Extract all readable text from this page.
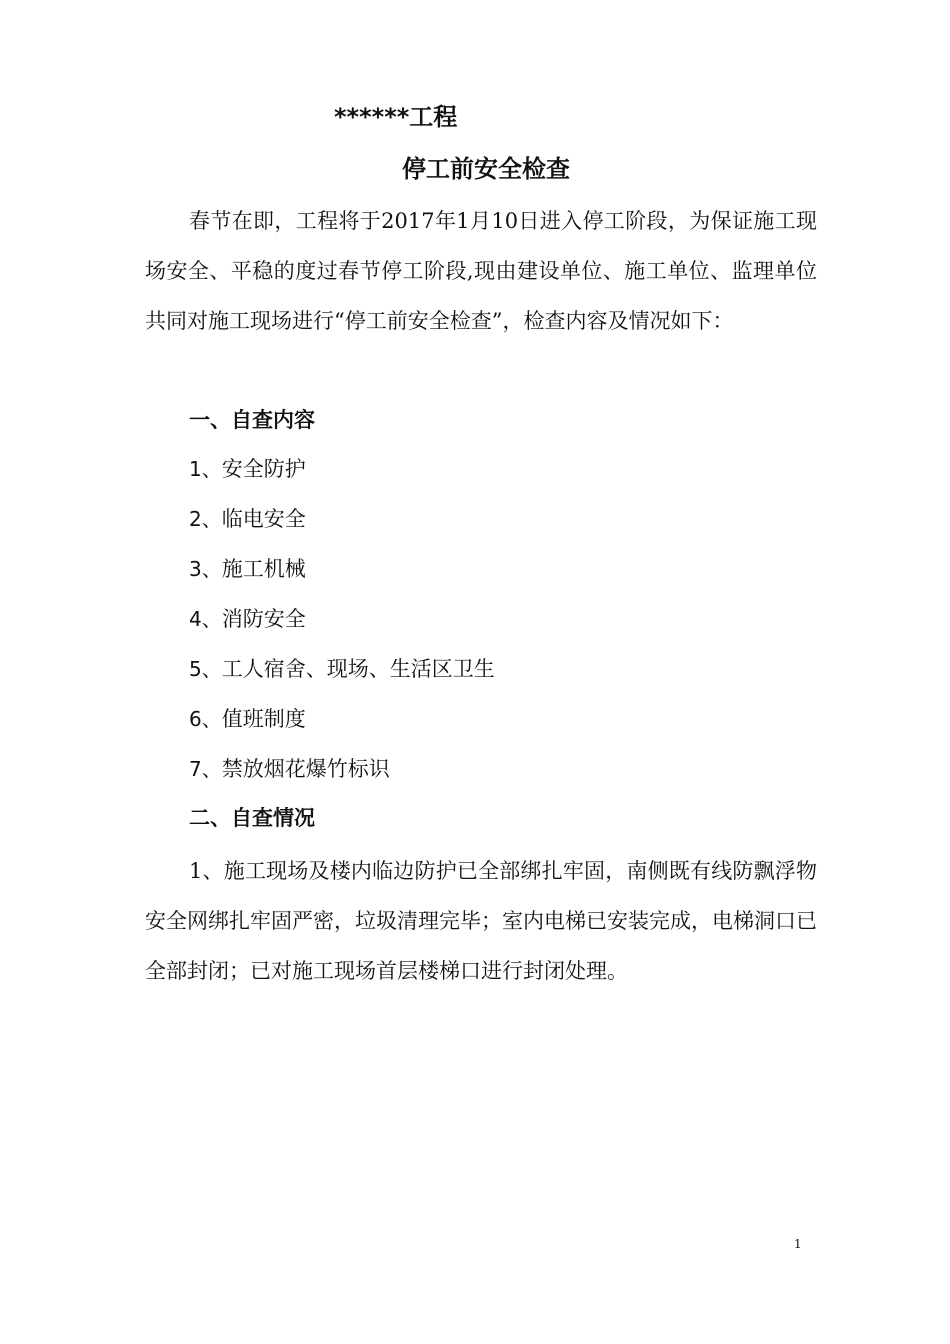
******工程
停工前安全检查

春节在即，工程将于2017年1月10日进入停工阶段，为保证施工现场安全、平稳的度过春节停工阶段,现由建设单位、施工单位、监理单位共同对施工现场进行“停工前安全检查”，检查内容及情况如下：

一、自查内容
1、安全防护
2、临电安全
3、施工机械
4、消防安全
5、工人宿舍、现场、生活区卫生
6、值班制度
7、禁放烟花爆竹标识
二、自查情况

1、施工现场及楼内临边防护已全部绑扎牢固，南侧既有线防飘浮物安全网绑扎牢固严密，垃圾清理完毕；室内电梯已安装完成，电梯洞口已全部封闭；已对施工现场首层楼梯口进行封闭处理。

1
